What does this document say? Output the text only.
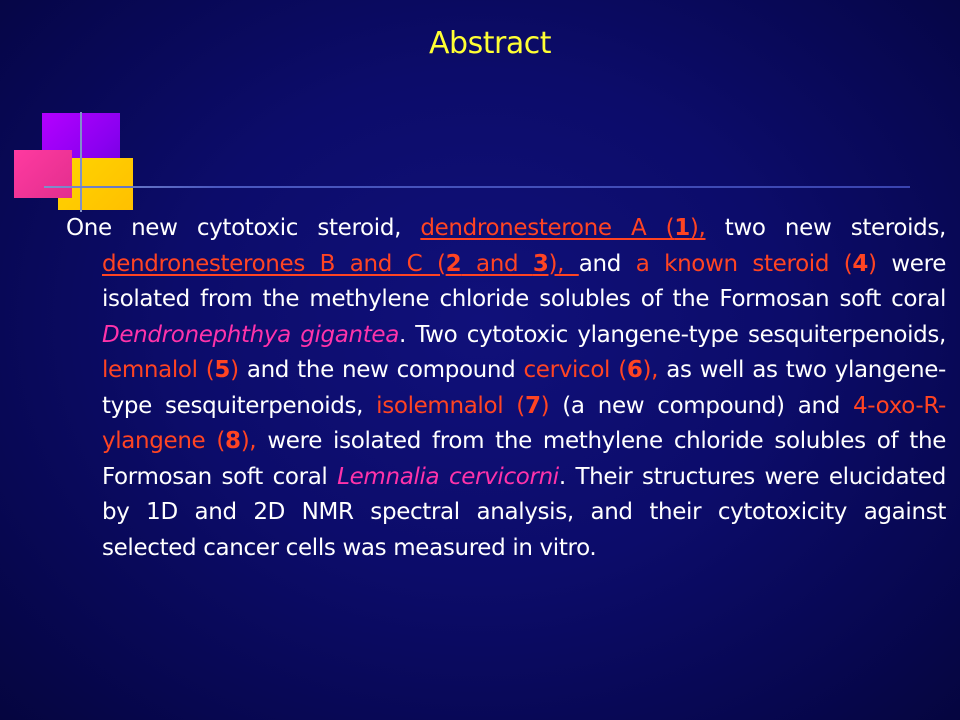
Abstract

One new cytotoxic steroid, dendronesterone A (1), two new steroids, dendronesterones B and C (2 and 3), and a known steroid (4) were isolated from the methylene chloride solubles of the Formosan soft coral Dendronephthya gigantea. Two cytotoxic ylangene-type sesquiterpenoids, lemnalol (5) and the new compound cervicol (6), as well as two ylangene-type sesquiterpenoids, isolemnalol (7) (a new compound) and 4-oxo-R-ylangene (8), were isolated from the methylene chloride solubles of the Formosan soft coral Lemnalia cervicorni. Their structures were elucidated by 1D and 2D NMR spectral analysis, and their cytotoxicity against selected cancer cells was measured in vitro.
